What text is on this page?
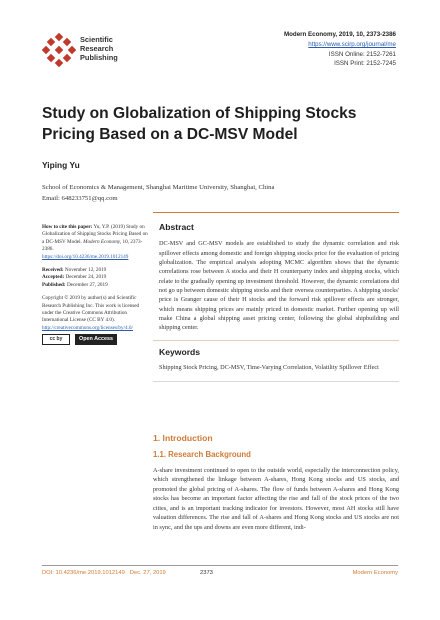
Scientific
Research
Publishing
Modern Economy, 2019, 10, 2373-2386
https://www.scirp.org/journal/me
ISSN Online: 2152-7261
ISSN Print: 2152-7245
Study on Globalization of Shipping Stocks Pricing Based on a DC-MSV Model
Yiping Yu
School of Economics & Management, Shanghai Maritime University, Shanghai, China
Email: 648233751@qq.com
How to cite this paper: Yu, Y.P. (2019) Study on Globalization of Shipping Stocks Pricing Based on a DC-MSV Model. Modern Economy, 10, 2373-2386.
https://doi.org/10.4236/me.2019.1012149
Received: November 12, 2019
Accepted: December 24, 2019
Published: December 27, 2019
Copyright © 2019 by author(s) and Scientific Research Publishing Inc. This work is licensed under the Creative Commons Attribution International License (CC BY 4.0).
http://creativecommons.org/licenses/by/4.0/
cc by	Open Access
Abstract
DC-MSV and GC-MSV models are established to study the dynamic correlation and risk spillover effects among domestic and foreign shipping stocks price for the evaluation of pricing globalization. The empirical analysis adopting MCMC algorithm shows that the dynamic correlations rose between A stocks and their H counterparty index and shipping stocks, which relate to the gradually opening up investment threshold. However, the dynamic correlations did not go up between domestic shipping stocks and their oversea counterparties. A shipping stocks' price is Granger cause of their H stocks and the forward risk spillover effects are stronger, which means shipping prices are mainly priced in domestic market. Further opening up will make China a global shipping asset pricing center, following the global shipbuilding and shipping center.
Keywords
Shipping Stock Pricing, DC-MSV, Time-Varying Correlation, Volatility Spillover Effect
1. Introduction
1.1. Research Background
A-share investment continued to open to the outside world, especially the interconnection policy, which strengthened the linkage between A-shares, Hong Kong stocks and US stocks, and promoted the global pricing of A-shares. The flow of funds between A-shares and Hong Kong stocks has become an important factor affecting the rise and fall of the stock prices of the two cities, and is an important tracking indicator for investors. However, most AH stocks still have valuation differences. The rise and fall of A-shares and Hong Kong stocks and US stocks are not in sync, and the ups and downs are even more different, indi-
DOI: 10.4236/me.2019.1012149 Dec. 27, 2019	2373	Modern Economy
